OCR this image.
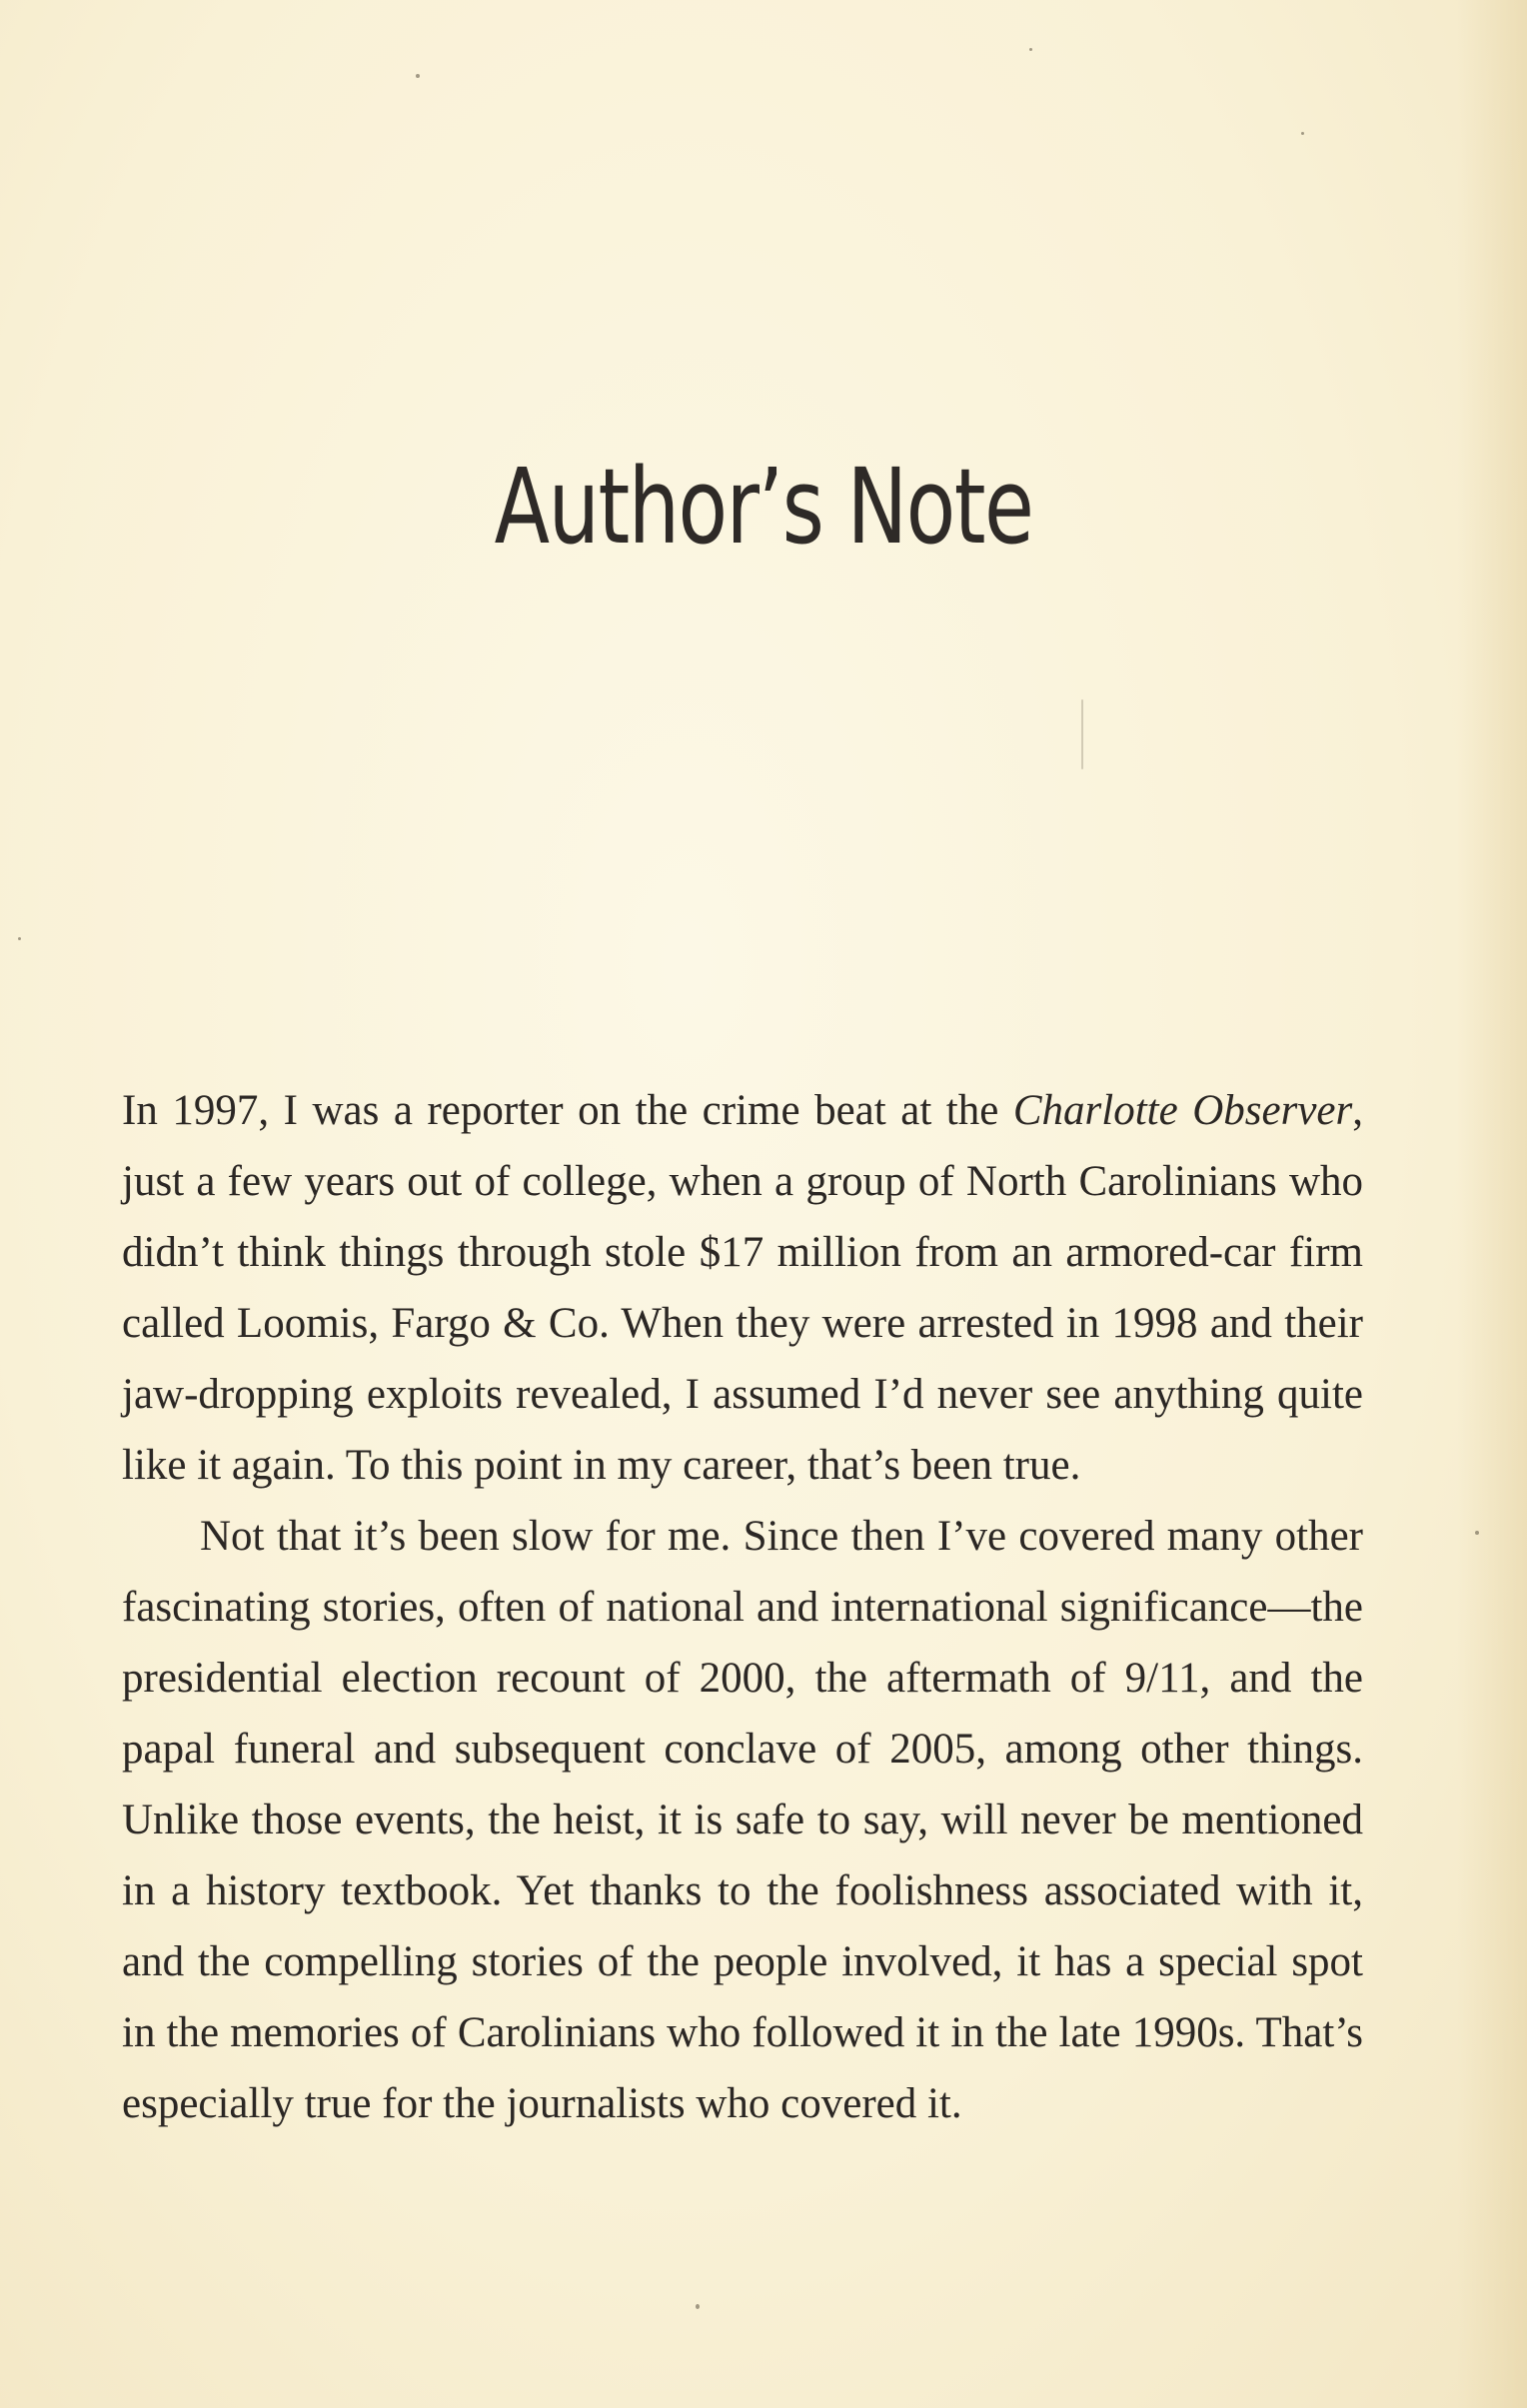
Author’s Note

In 1997, I was a reporter on the crime beat at the Charlotte Observer, just a few years out of college, when a group of North Carolinians who didn’t think things through stole $17 million from an armored-car firm called Loomis, Fargo & Co. When they were arrested in 1998 and their jaw-dropping exploits revealed, I assumed I’d never see anything quite like it again. To this point in my career, that’s been true.

Not that it’s been slow for me. Since then I’ve covered many other fascinating stories, often of national and international significance—the presidential election recount of 2000, the aftermath of 9/11, and the papal funeral and subsequent conclave of 2005, among other things. Unlike those events, the heist, it is safe to say, will never be mentioned in a history textbook. Yet thanks to the foolishness associated with it, and the compelling stories of the people involved, it has a special spot in the memories of Carolinians who followed it in the late 1990s. That’s especially true for the journalists who covered it.
